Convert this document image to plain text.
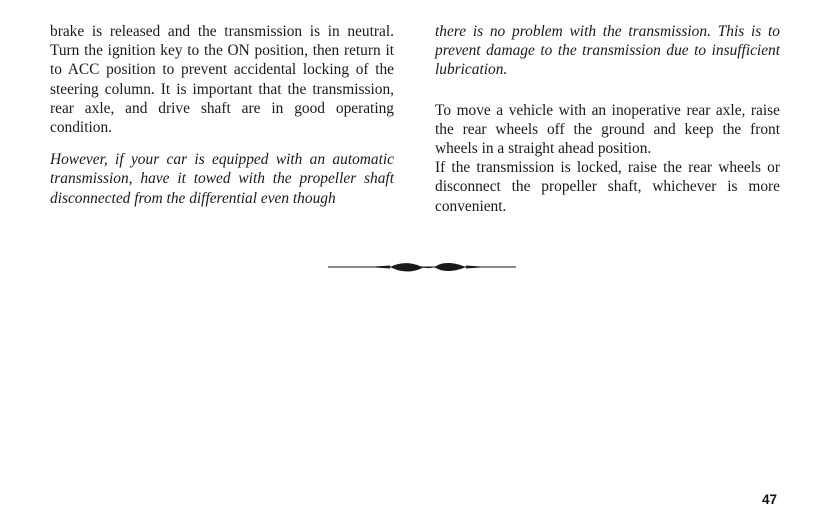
brake is released and the transmission is in neutral. Turn the ignition key to the ON position, then return it to ACC position to prevent accidental locking of the steering column. It is important that the transmission, rear axle, and drive shaft are in good operating condition.

However, if your car is equipped with an automatic transmission, have it towed with the propeller shaft disconnected from the differential even though

there is no problem with the transmission. This is to prevent damage to the transmission due to insufficient lubrication.

To move a vehicle with an inoperative rear axle, raise the rear wheels off the ground and keep the front wheels in a straight ahead position.

If the transmission is locked, raise the rear wheels or disconnect the propeller shaft, whichever is more convenient.

47
